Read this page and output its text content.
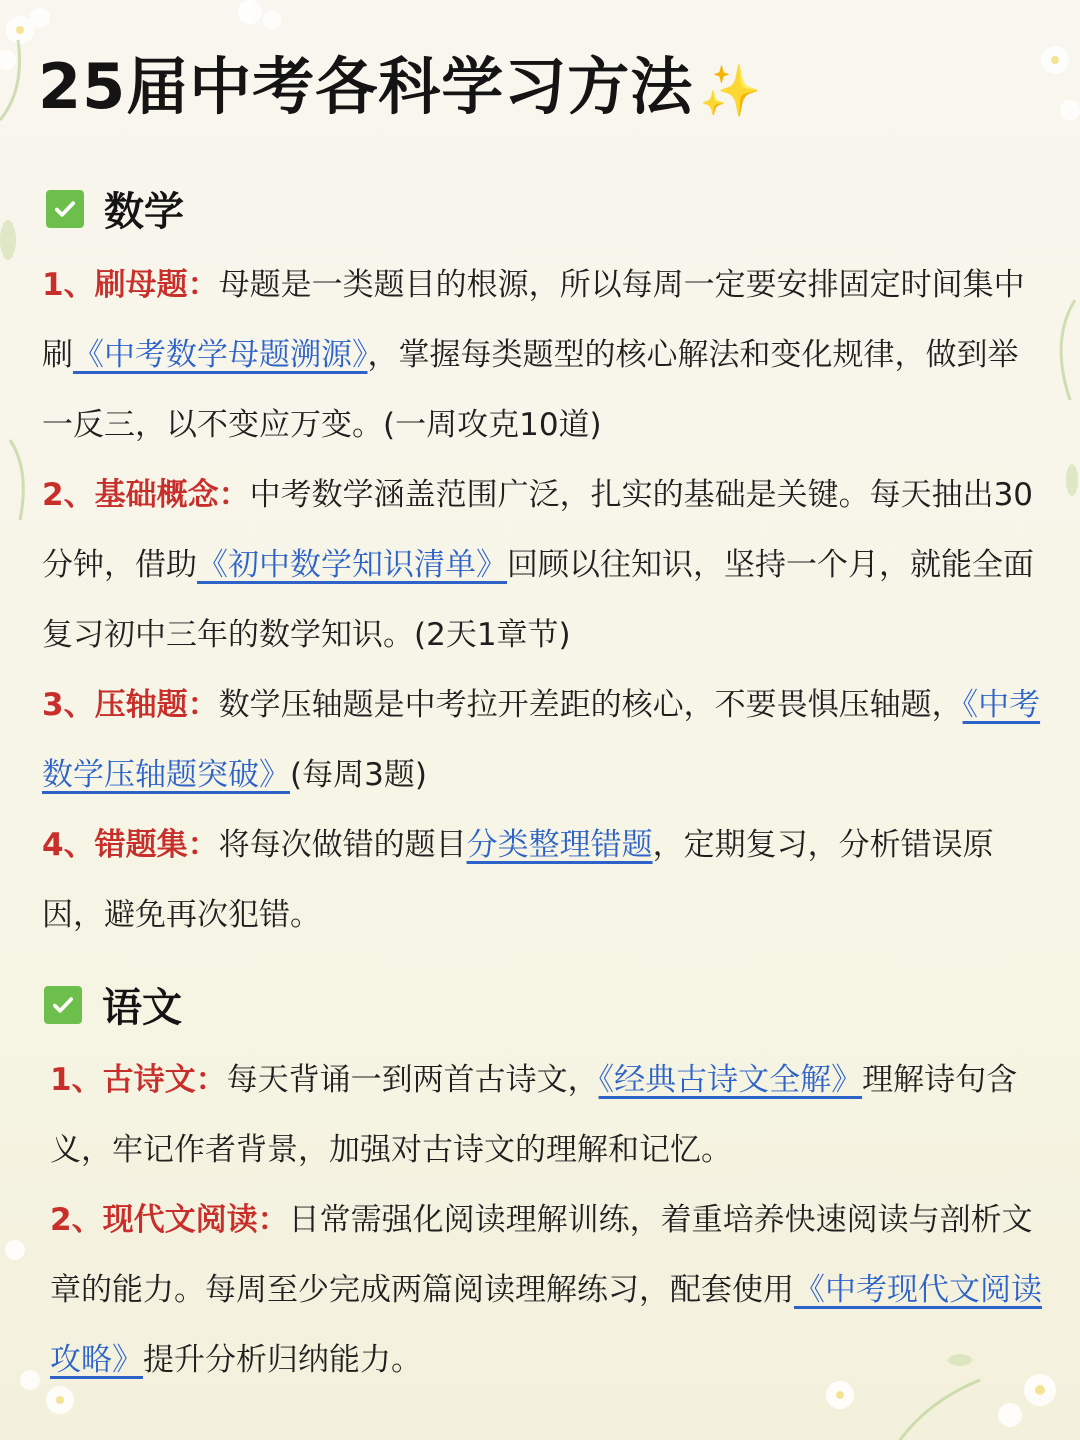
25届中考各科学习方法 ✨
数学
1、刷母题：母题是一类题目的根源，所以每周一定要安排固定时间集中刷《中考数学母题溯源》，掌握每类题型的核心解法和变化规律，做到举一反三，以不变应万变。(一周攻克10道)
2、基础概念：中考数学涵盖范围广泛，扎实的基础是关键。每天抽出30分钟，借助《初中数学知识清单》回顾以往知识，坚持一个月，就能全面复习初中三年的数学知识。(2天1章节)
3、压轴题：数学压轴题是中考拉开差距的核心，不要畏惧压轴题，《中考数学压轴题突破》(每周3题)
4、错题集：将每次做错的题目分类整理错题，定期复习，分析错误原因，避免再次犯错。
语文
1、古诗文：每天背诵一到两首古诗文，《经典古诗文全解》理解诗句含义，牢记作者背景，加强对古诗文的理解和记忆。
2、现代文阅读：日常需强化阅读理解训练，着重培养快速阅读与剖析文章的能力。每周至少完成两篇阅读理解练习，配套使用《中考现代文阅读攻略》提升分析归纳能力。
